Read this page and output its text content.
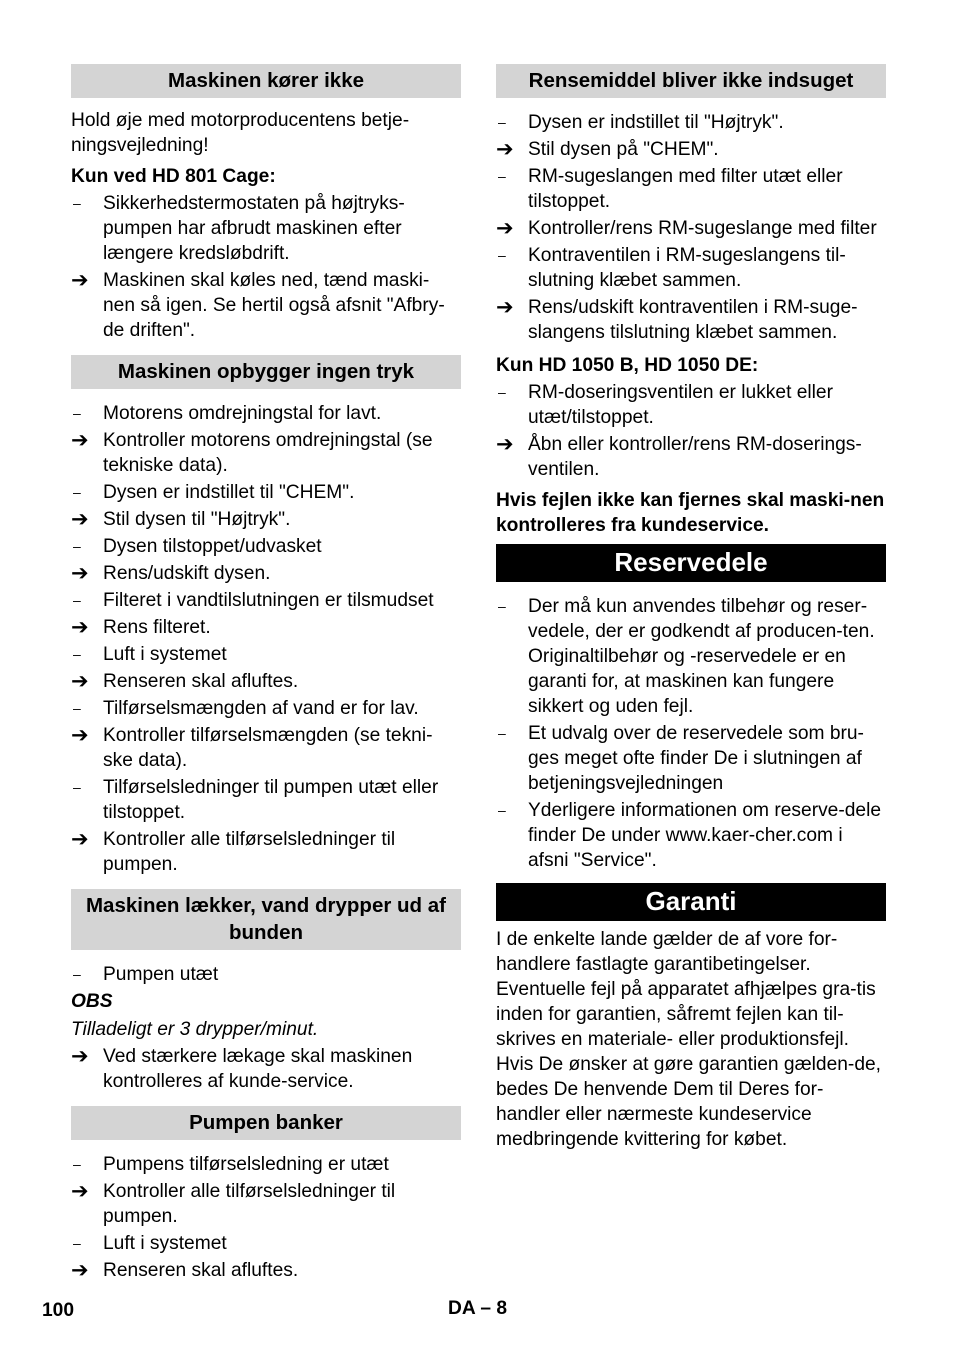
Maskinen kører ikke

Hold øje med motorproducentens betje-ningsvejledning!

Kun ved HD 801 Cage:

–	Sikkerhedstermostaten på højtryks-pumpen har afbrudt maskinen efter længere kredsløbdrift.
➔ Maskinen skal køles ned, tænd maski-nen så igen. Se hertil også afsnit "Afbry-de driften".
Maskinen opbygger ingen tryk
–	Motorens omdrejningstal for lavt.
➔ Kontroller motorens omdrejningstal (se tekniske data).
–	Dysen er indstillet til "CHEM".
➔ Stil dysen til "Højtryk".
–	Dysen tilstoppet/udvasket
➔ Rens/udskift dysen.
–	Filteret i vandtilslutningen er tilsmudset
➔ Rens filteret.
–	Luft i systemet
➔ Renseren skal afluftes.
–	Tilførselsmængden af vand er for lav.
➔ Kontroller tilførselsmængden (se tekni-ske data).
–	Tilførselsledninger til pumpen utæt eller tilstoppet.
➔ Kontroller alle tilførselsledninger til pumpen.
Maskinen lækker, vand drypper ud af bunden
–	Pumpen utæt

OBS

Tilladeligt er 3 drypper/minut.

➔ Ved stærkere lækage skal maskinen kontrolleres af kunde-service.
Pumpen banker
–	Pumpens tilførselsledning er utæt
➔ Kontroller alle tilførselsledninger til pumpen.
–	Luft i systemet
➔ Renseren skal afluftes.
Rensemiddel bliver ikke indsuget
–	Dysen er indstillet til "Højtryk".
➔ Stil dysen på "CHEM".
–	RM-sugeslangen med filter utæt eller tilstoppet.
➔ Kontroller/rens RM-sugeslange med filter
–	Kontraventilen i RM-sugeslangens til-slutning klæbet sammen.
➔ Rens/udskift kontraventilen i RM-suge-slangens tilslutning klæbet sammen.

Kun HD 1050 B, HD 1050 DE:

–	RM-doseringsventilen er lukket eller utæt/tilstoppet.
➔ Åbn eller kontroller/rens RM-doserings-ventilen.

Hvis fejlen ikke kan fjernes skal maski-nen kontrolleres fra kundeservice.

Reservedele
–	Der må kun anvendes tilbehør og reser-vedele, der er godkendt af producen-ten. Originaltilbehør og -reservedele er en garanti for, at maskinen kan fungere sikkert og uden fejl.
–	Et udvalg over de reservedele som bru-ges meget ofte finder De i slutningen af betjeningsvejledningen
–	Yderligere informationen om reserve-dele finder De under www.kaer-cher.com i afsni "Service".
Garanti

I de enkelte lande gælder de af vore for-handlere fastlagte garantibetingelser. Eventuelle fejl på apparatet afhjælpes gra-tis inden for garantien, såfremt fejlen kan til-skrives en materiale- eller produktionsfejl. Hvis De ønsker at gøre garantien gælden-de, bedes De henvende Dem til Deres for-handler eller nærmeste kundeservice medbringende kvittering for købet.

100	DA – 8
